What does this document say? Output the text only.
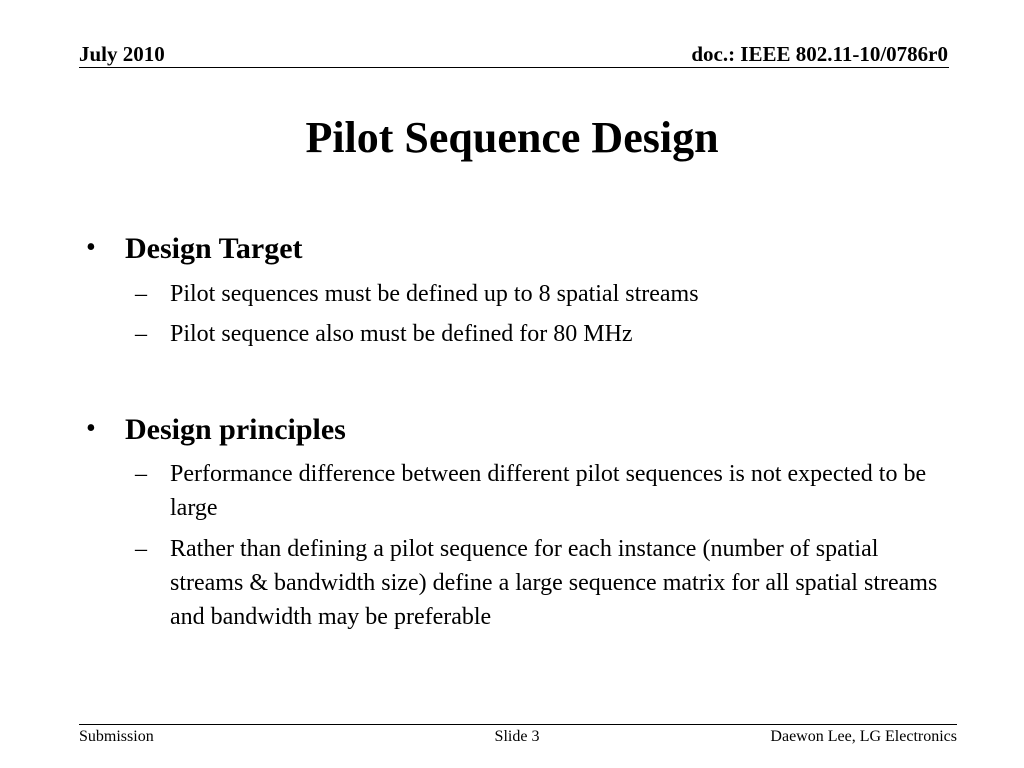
July 2010	doc.: IEEE 802.11-10/0786r0
Pilot Sequence Design
• Design Target
– Pilot sequences must be defined up to 8 spatial streams
– Pilot sequence also must be defined for 80 MHz
• Design principles
– Performance difference between different pilot sequences is not expected to be large
– Rather than defining a pilot sequence for each instance (number of spatial streams & bandwidth size) define a large sequence matrix for all spatial streams and bandwidth may be preferable
Submission	Slide 3	Daewon Lee, LG Electronics
